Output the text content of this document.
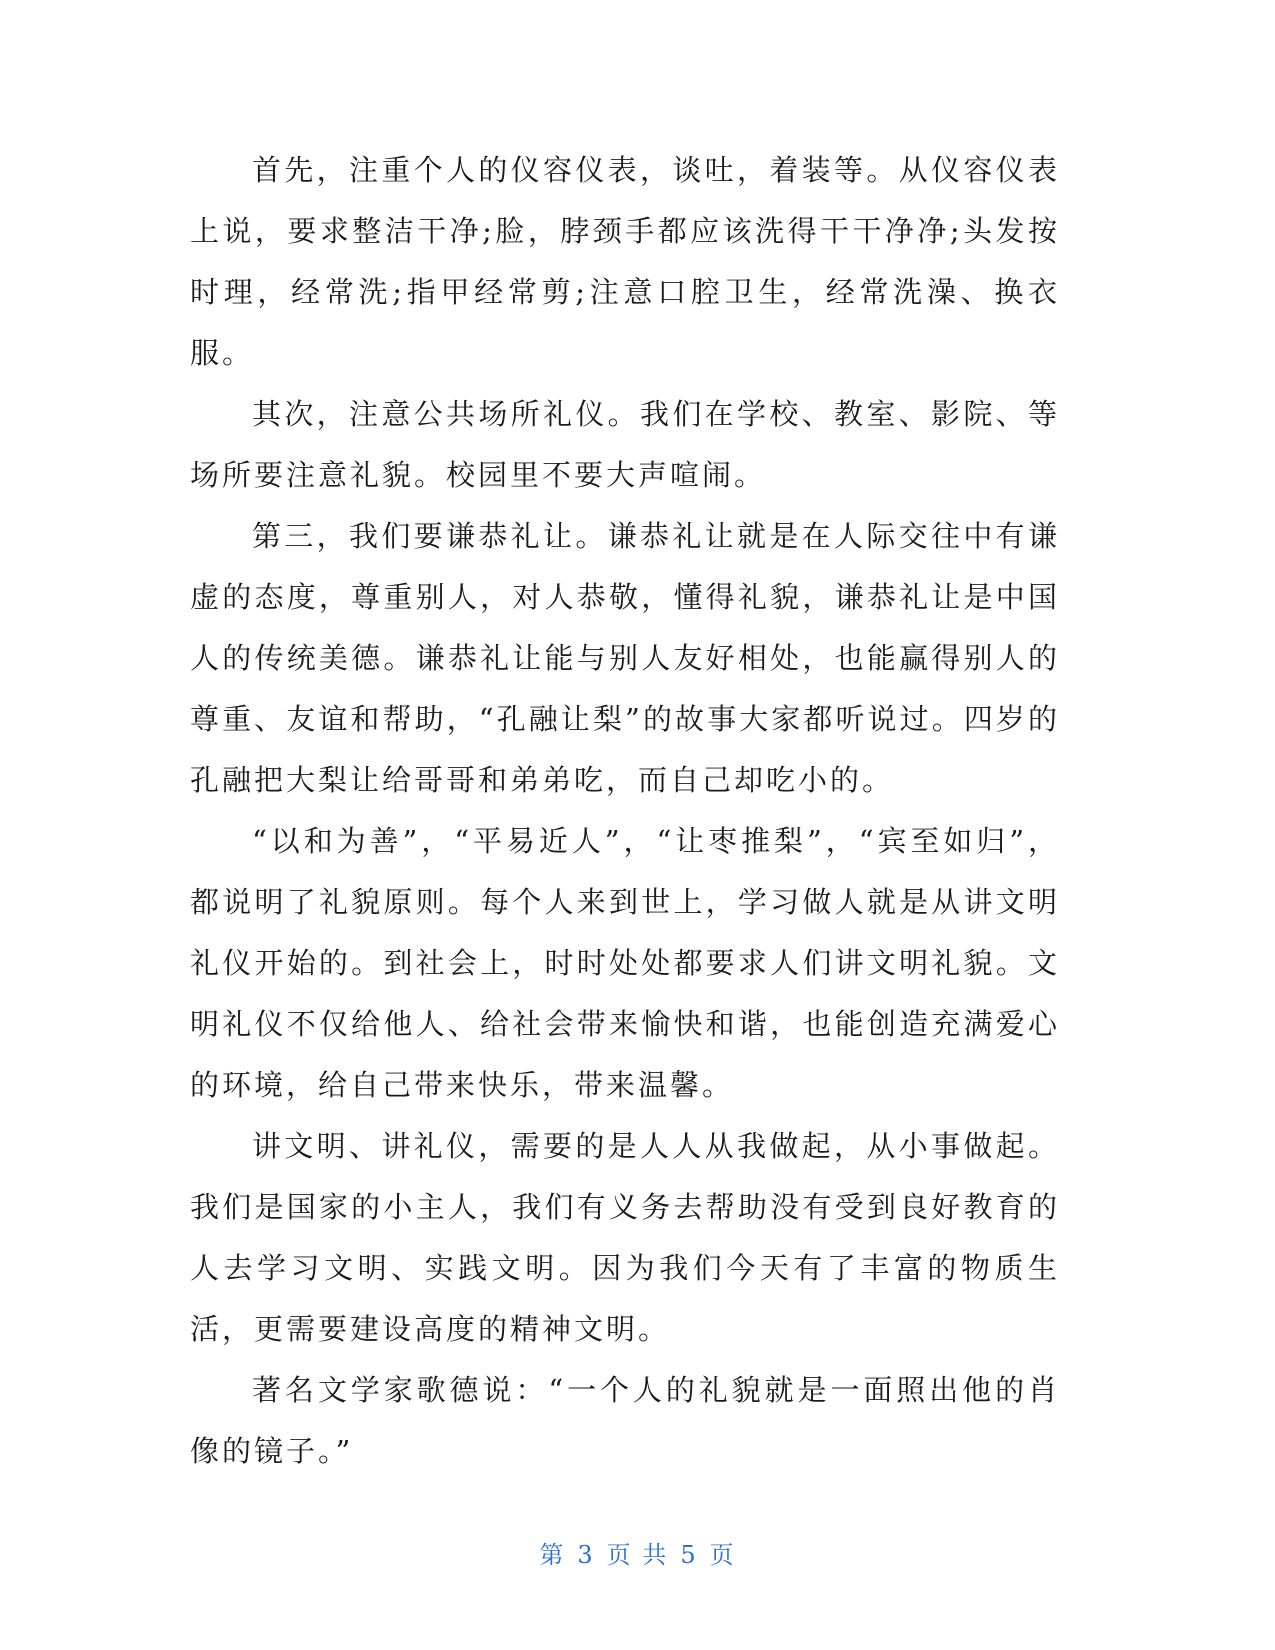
首先，注重个人的仪容仪表，谈吐，着装等。从仪容仪表上说，要求整洁干净;脸，脖颈手都应该洗得干干净净;头发按时理，经常洗;指甲经常剪;注意口腔卫生，经常洗澡、换衣服。

其次，注意公共场所礼仪。我们在学校、教室、影院、等场所要注意礼貌。校园里不要大声喧闹。

第三，我们要谦恭礼让。谦恭礼让就是在人际交往中有谦虚的态度，尊重别人，对人恭敬，懂得礼貌，谦恭礼让是中国人的传统美德。谦恭礼让能与别人友好相处，也能赢得别人的尊重、友谊和帮助，“孔融让梨”的故事大家都听说过。四岁的孔融把大梨让给哥哥和弟弟吃，而自己却吃小的。

“以和为善”，“平易近人”，“让枣推梨”，“宾至如归”，都说明了礼貌原则。每个人来到世上，学习做人就是从讲文明礼仪开始的。到社会上，时时处处都要求人们讲文明礼貌。文明礼仪不仅给他人、给社会带来愉快和谐，也能创造充满爱心的环境，给自己带来快乐，带来温馨。

讲文明、讲礼仪，需要的是人人从我做起，从小事做起。我们是国家的小主人，我们有义务去帮助没有受到良好教育的人去学习文明、实践文明。因为我们今天有了丰富的物质生活，更需要建设高度的精神文明。

著名文学家歌德说：“一个人的礼貌就是一面照出他的肖像的镜子。”

第 3 页 共 5 页
